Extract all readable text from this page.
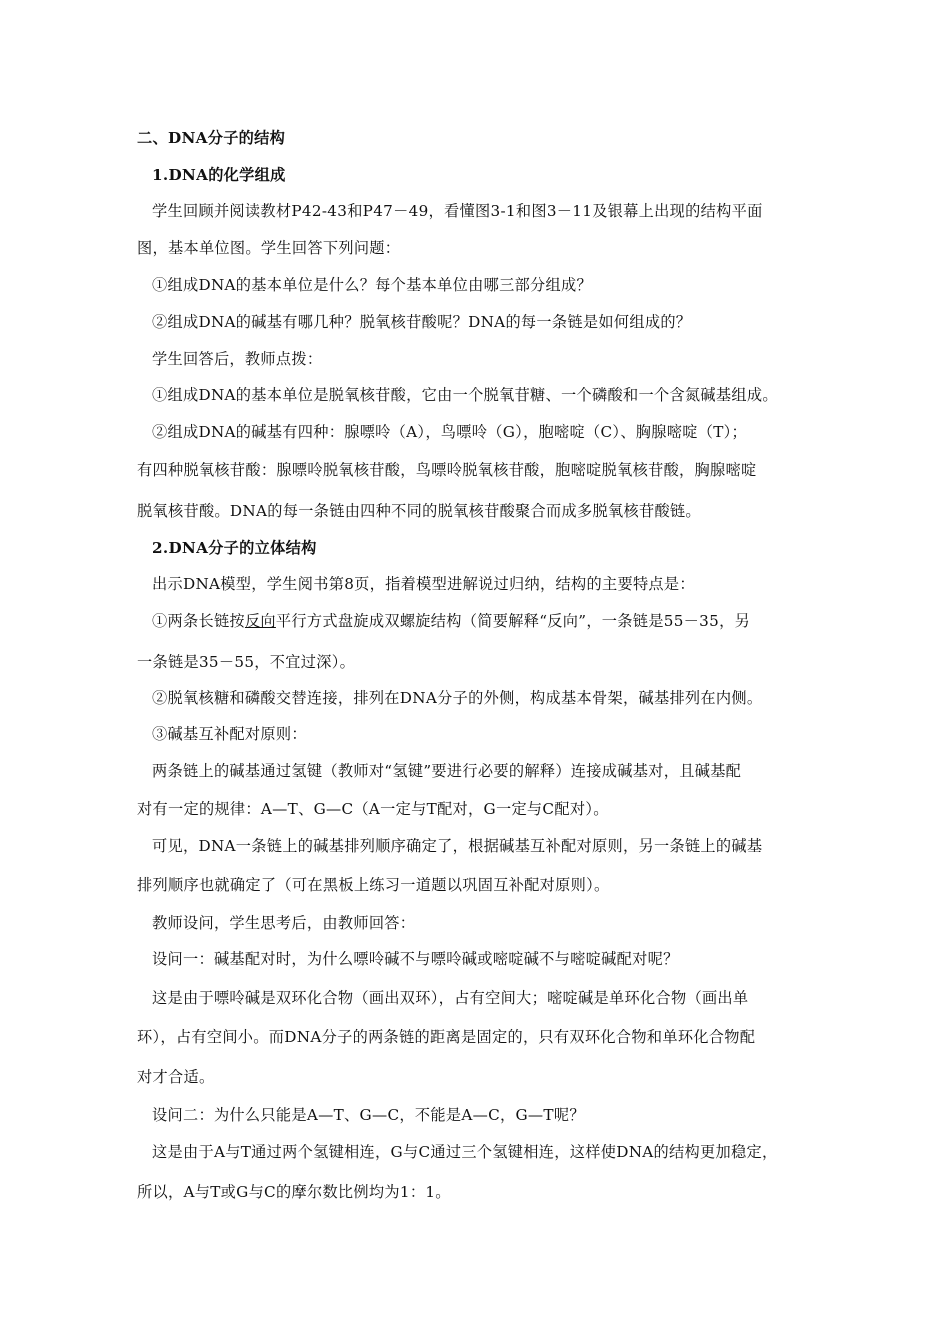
二、DNA分子的结构
1.DNA的化学组成
学生回顾并阅读教材P42-43和P47－49，看懂图3-1和图3－11及银幕上出现的结构平面
图，基本单位图。学生回答下列问题：
①组成DNA的基本单位是什么？每个基本单位由哪三部分组成？
②组成DNA的碱基有哪几种？脱氧核苷酸呢？DNA的每一条链是如何组成的？
学生回答后，教师点拨：
①组成DNA的基本单位是脱氧核苷酸，它由一个脱氧苷糖、一个磷酸和一个含氮碱基组成。
②组成DNA的碱基有四种：腺嘌呤（A），鸟嘌呤（G），胞嘧啶（C）、胸腺嘧啶（T）；
有四种脱氧核苷酸：腺嘌呤脱氧核苷酸，鸟嘌呤脱氧核苷酸，胞嘧啶脱氧核苷酸，胸腺嘧啶
脱氧核苷酸。DNA的每一条链由四种不同的脱氧核苷酸聚合而成多脱氧核苷酸链。
2.DNA分子的立体结构
出示DNA模型，学生阅书第8页，指着模型进解说过归纳，结构的主要特点是：
①两条长链按反向平行方式盘旋成双螺旋结构（简要解释“反向”，一条链是55－35，另
一条链是35－55，不宜过深）。
②脱氧核糖和磷酸交替连接，排列在DNA分子的外侧，构成基本骨架，碱基排列在内侧。
③碱基互补配对原则：
两条链上的碱基通过氢键（教师对“氢键”要进行必要的解释）连接成碱基对，且碱基配
对有一定的规律：A—T、G—C（A一定与T配对，G一定与C配对）。
可见，DNA一条链上的碱基排列顺序确定了，根据碱基互补配对原则，另一条链上的碱基
排列顺序也就确定了（可在黑板上练习一道题以巩固互补配对原则）。
教师设问，学生思考后，由教师回答：
设问一：碱基配对时，为什么嘌呤碱不与嘌呤碱或嘧啶碱不与嘧啶碱配对呢？
这是由于嘌呤碱是双环化合物（画出双环），占有空间大；嘧啶碱是单环化合物（画出单
环），占有空间小。而DNA分子的两条链的距离是固定的，只有双环化合物和单环化合物配
对才合适。
设问二：为什么只能是A—T、G—C，不能是A—C，G—T呢？
这是由于A与T通过两个氢键相连，G与C通过三个氢键相连，这样使DNA的结构更加稳定，
所以，A与T或G与C的摩尔数比例均为1：1。
